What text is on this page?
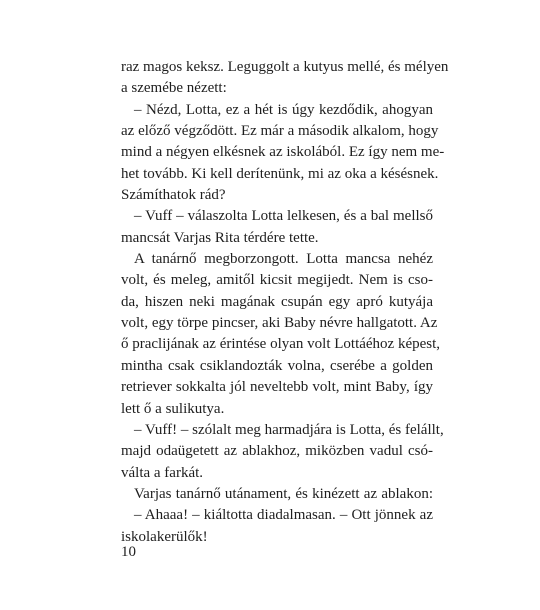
raz magos keksz. Leguggolt a kutyus mellé, és mélyen
a szemébe nézett:
– Nézd, Lotta, ez a hét is úgy kezdődik, ahogyan
az előző végződött. Ez már a második alkalom, hogy
mind a négyen elkésnek az iskolából. Ez így nem me-
het tovább. Ki kell derítenünk, mi az oka a késésnek.
Számíthatok rád?
– Vuff – válaszolta Lotta lelkesen, és a bal mellső
mancsát Varjas Rita térdére tette.
A tanárnő megborzongott. Lotta mancsa nehéz
volt, és meleg, amitől kicsit megijedt. Nem is cso-
da, hiszen neki magának csupán egy apró kutyája
volt, egy törpe pincser, aki Baby névre hallgatott. Az
ő praclijának az érintése olyan volt Lottáéhoz képest,
mintha csak csiklandozták volna, cserébe a golden
retriever sokkalta jól neveltebb volt, mint Baby, így
lett ő a sulikutya.
– Vuff! – szólalt meg harmadjára is Lotta, és felállt,
majd odaügetett az ablakhoz, miközben vadul csó-
válta a farkát.
Varjas tanárnő utánament, és kinézett az ablakon:
– Ahaaa! – kiáltotta diadalmasan. – Ott jönnek az
iskolakerülők!
10
